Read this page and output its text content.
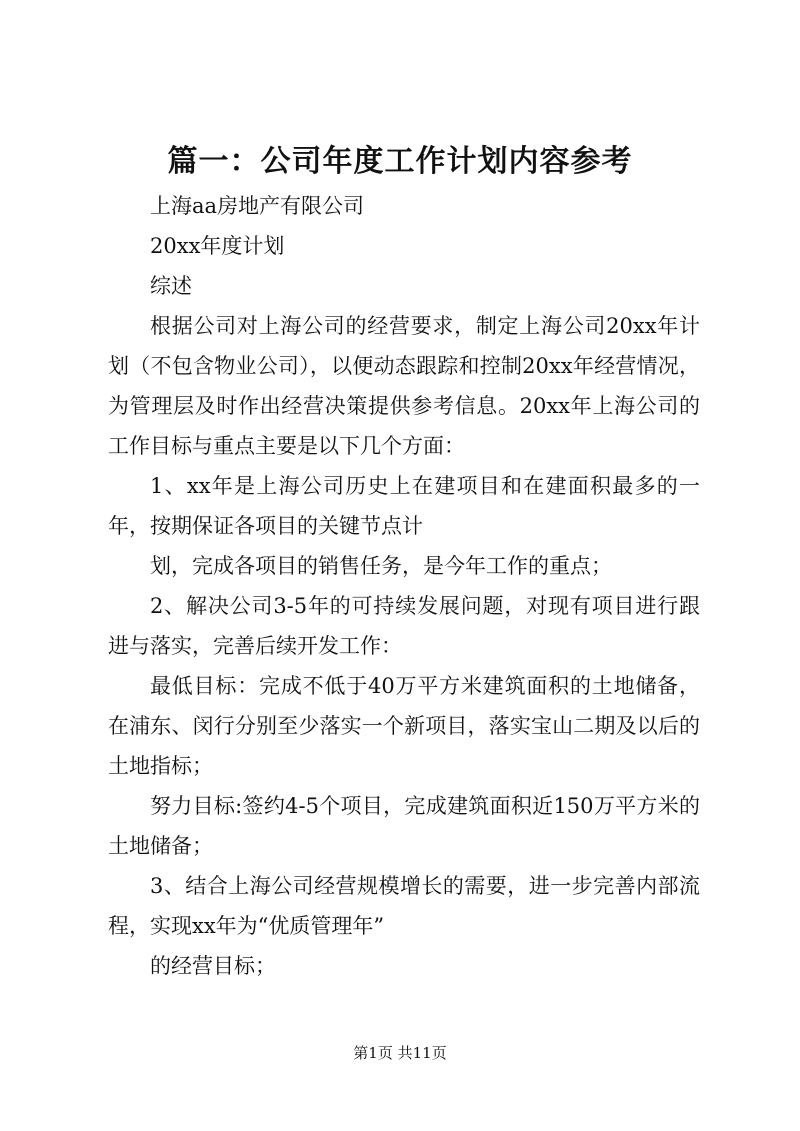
篇一：公司年度工作计划内容参考

上海aa房地产有限公司

20xx年度计划

综述

根据公司对上海公司的经营要求，制定上海公司20xx年计划（不包含物业公司），以便动态跟踪和控制20xx年经营情况，为管理层及时作出经营决策提供参考信息。20xx年上海公司的工作目标与重点主要是以下几个方面：

1、xx年是上海公司历史上在建项目和在建面积最多的一年，按期保证各项目的关键节点计

划，完成各项目的销售任务，是今年工作的重点；

2、解决公司3-5年的可持续发展问题，对现有项目进行跟进与落实，完善后续开发工作：

最低目标：完成不低于40万平方米建筑面积的土地储备，在浦东、闵行分别至少落实一个新项目，落实宝山二期及以后的土地指标；

努力目标:签约4-5个项目，完成建筑面积近150万平方米的土地储备；

3、结合上海公司经营规模增长的需要，进一步完善内部流程，实现xx年为“优质管理年”

的经营目标；

第1页 共11页
